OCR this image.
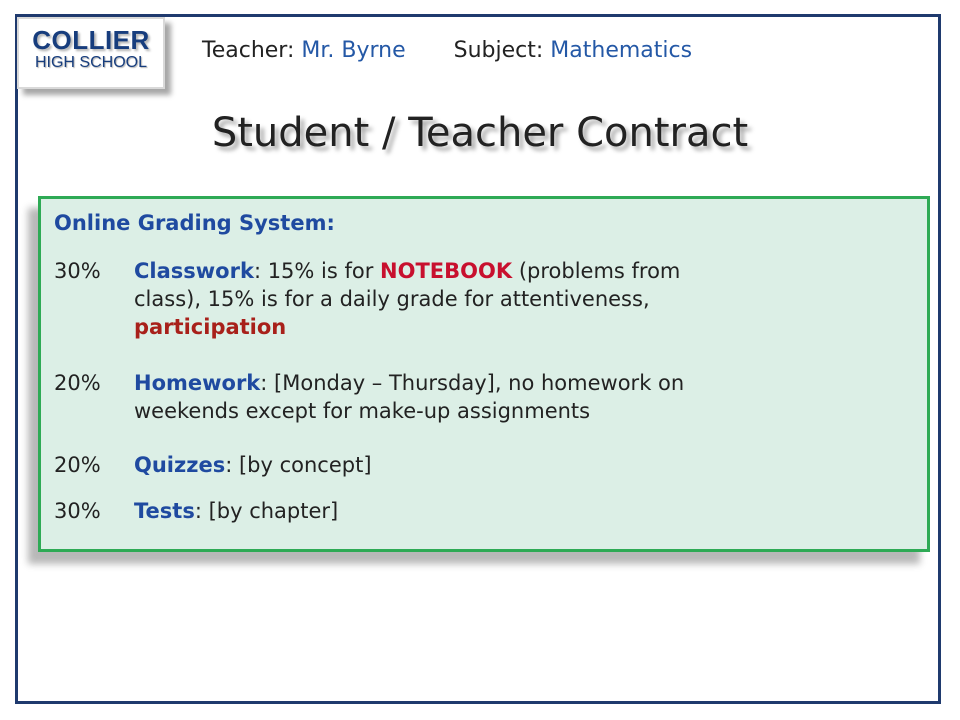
COLLIER
HIGH SCHOOL	Teacher: Mr. Byrne Subject: Mathematics
Student / Teacher Contract
Online Grading System:
30% Classwork: 15% is for NOTEBOOK (problems from
class), 15% is for a daily grade for attentiveness,
participation
20% Homework: [Monday – Thursday], no homework on
weekends except for make-up assignments
20% Quizzes: [by concept]
30% Tests: [by chapter]
